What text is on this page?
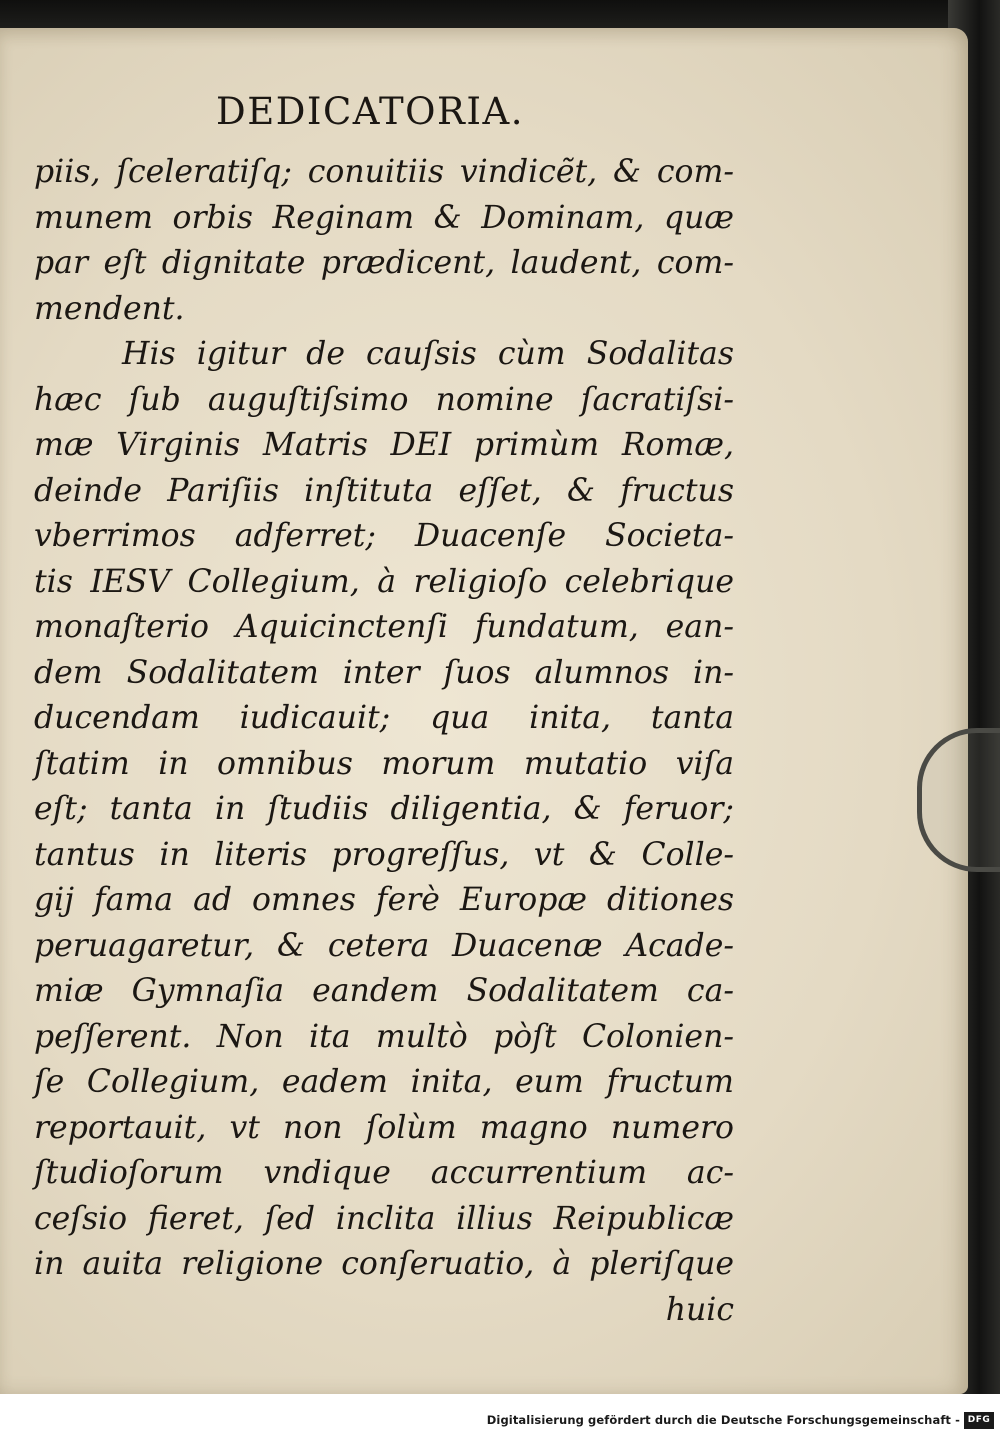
DEDICATORIA.
piis, ſceleratiſq; conuitiis vindicẽt, & com-
munem orbis Reginam & Dominam, quæ
par eſt dignitate prædicent, laudent, com-
mendent.
His igitur de cauſsis cùm Sodalitas
hæc ſub auguſtiſsimo nomine ſacratiſsi-
mæ Virginis Matris DEI primùm Romæ,
deinde Pariſiis inſtituta eſſet, & fructus
vberrimos adferret; Duacenſe Societa-
tis IESV Collegium, à religioſo celebrique
monaſterio Aquicinctenſi fundatum, ean-
dem Sodalitatem inter ſuos alumnos in-
ducendam iudicauit; qua inita, tanta
ſtatim in omnibus morum mutatio viſa
eſt; tanta in ſtudiis diligentia, & feruor;
tantus in literis progreſſus, vt & Colle-
gij fama ad omnes ferè Europæ ditiones
peruagaretur, & cetera Duacenæ Acade-
miæ Gymnaſia eandem Sodalitatem ca-
peſſerent. Non ita multò pòſt Colonien-
ſe Collegium, eadem inita, eum fructum
reportauit, vt non ſolùm magno numero
ſtudioſorum vndique accurrentium ac-
ceſsio fieret, ſed inclita illius Reipublicæ
in auita religione conſeruatio, à pleriſque
huic
Digitalisierung gefördert durch die Deutsche Forschungsgemeinschaft - DFG
